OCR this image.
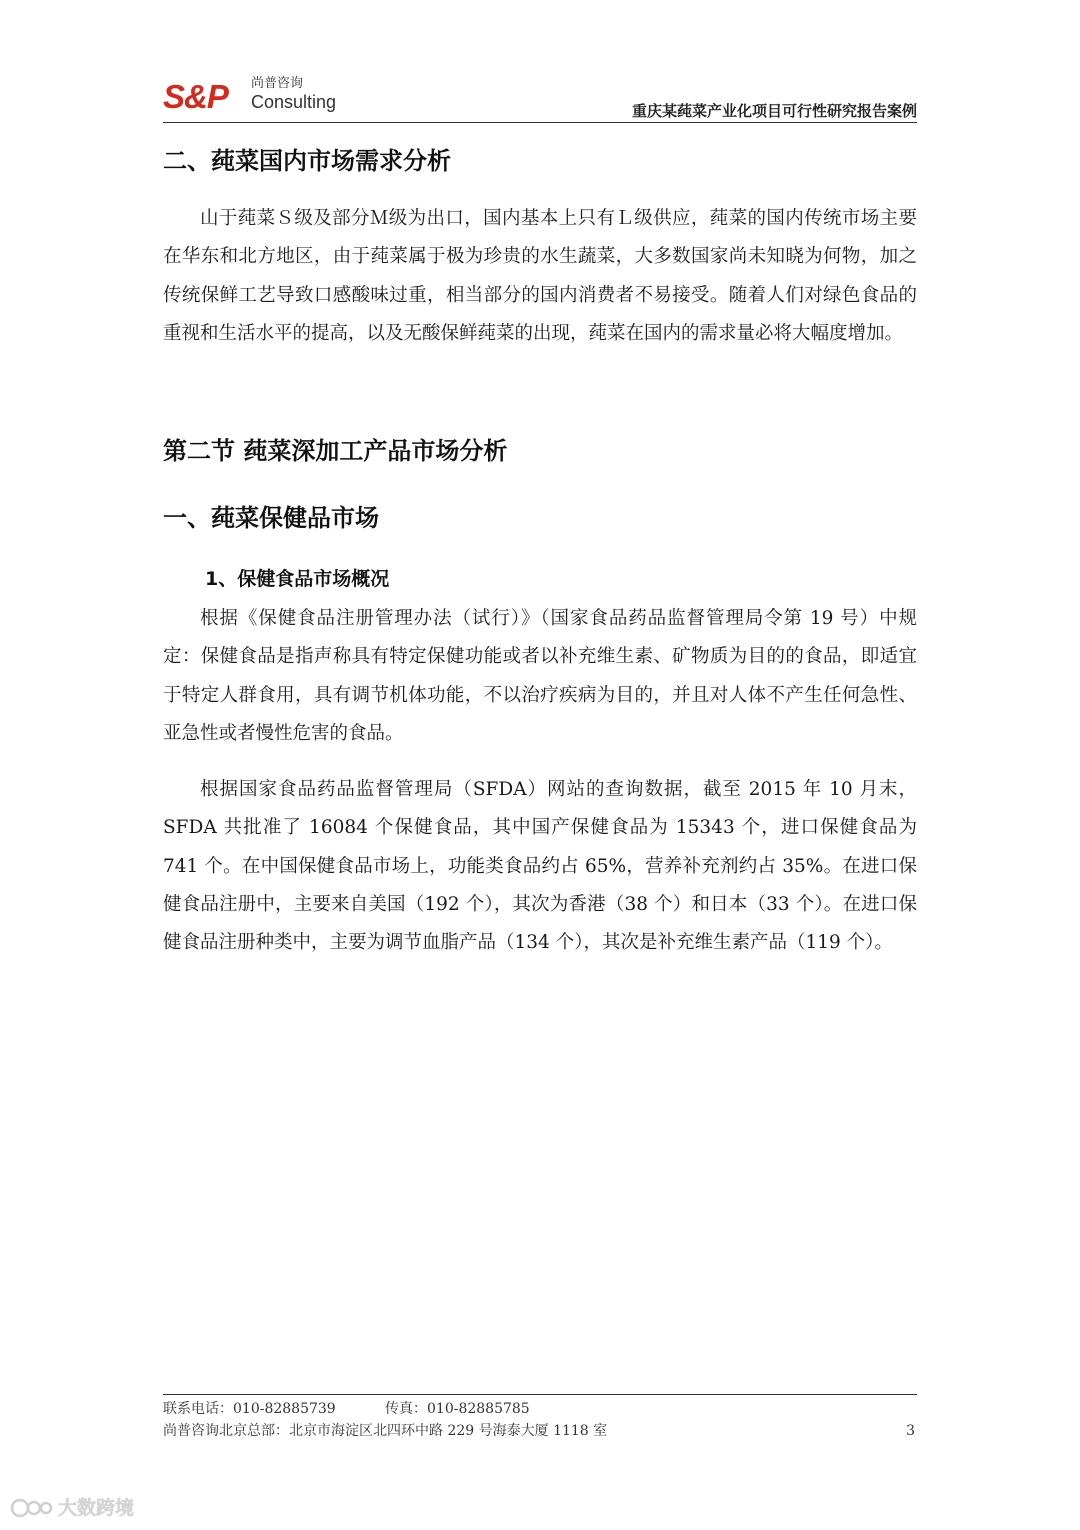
S&P 尚普咨询
Consulting	重庆某莼菜产业化项目可行性研究报告案例
二、莼菜国内市场需求分析

山于莼菜Ｓ级及部分Ｍ级为出口，国内基本上只有Ｌ级供应，莼菜的国内传统市场主要在华东和北方地区，由于莼菜属于极为珍贵的水生蔬菜，大多数国家尚未知晓为何物，加之传统保鲜工艺导致口感酸味过重，相当部分的国内消费者不易接受。随着人们对绿色食品的重视和生活水平的提高，以及无酸保鲜莼菜的出现，莼菜在国内的需求量必将大幅度增加。

第二节 莼菜深加工产品市场分析
一、莼菜保健品市场
1、保健食品市场概况

根据《保健食品注册管理办法（试行）》（国家食品药品监督管理局令第 19 号）中规定：保健食品是指声称具有特定保健功能或者以补充维生素、矿物质为目的的食品，即适宜于特定人群食用，具有调节机体功能，不以治疗疾病为目的，并且对人体不产生任何急性、亚急性或者慢性危害的食品。

根据国家食品药品监督管理局（SFDA）网站的查询数据，截至 2015 年 10 月末，SFDA 共批准了 16084 个保健食品，其中国产保健食品为 15343 个，进口保健食品为 741 个。在中国保健食品市场上，功能类食品约占 65%，营养补充剂约占 35%。在进口保健食品注册中，主要来自美国（192 个），其次为香港（38 个）和日本（33 个）。在进口保健食品注册种类中，主要为调节血脂产品（134 个），其次是补充维生素产品（119 个）。

联系电话：010-82885739	传真：010-82885785
尚普咨询北京总部：北京市海淀区北四环中路 229 号海泰大厦 1118 室	3
大数跨境
